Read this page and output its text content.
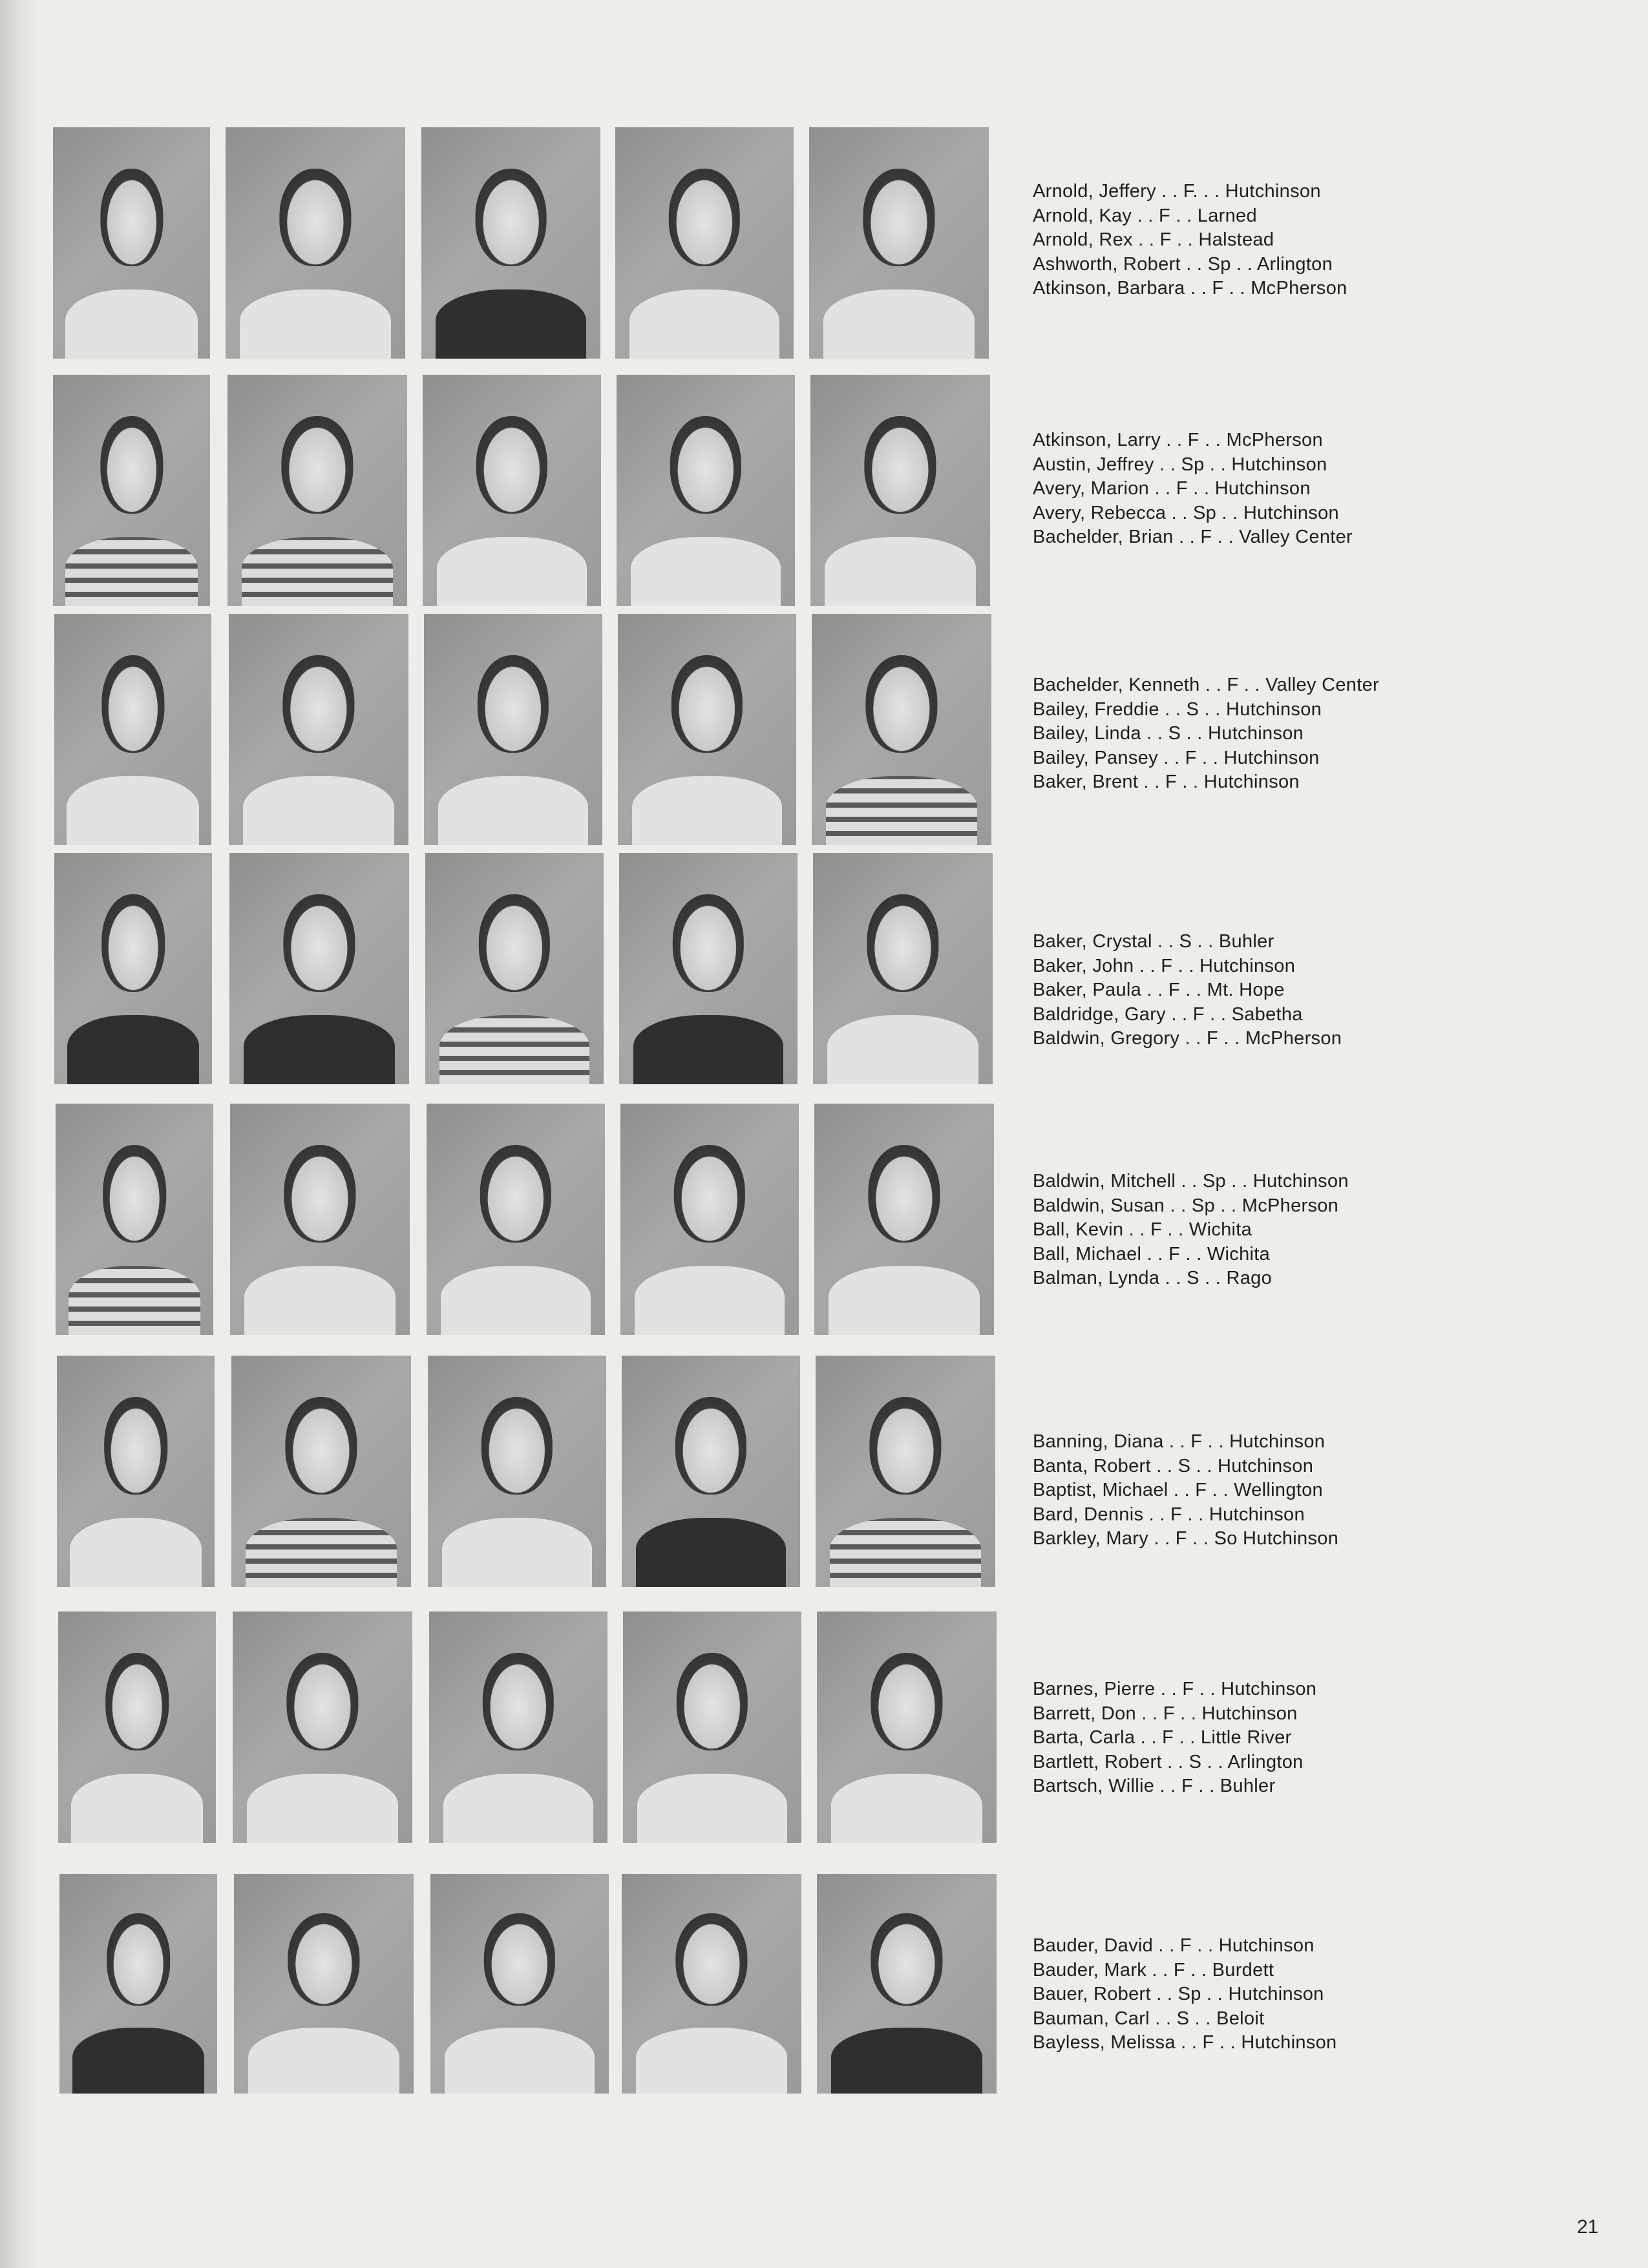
Arnold, Jeffery . . F. . . Hutchinson
Arnold, Kay . . F . . Larned
Arnold, Rex . . F . . Halstead
Ashworth, Robert . . Sp . . Arlington
Atkinson, Barbara . . F . . McPherson
Atkinson, Larry . . F . . McPherson
Austin, Jeffrey . . Sp . . Hutchinson
Avery, Marion . . F . . Hutchinson
Avery, Rebecca . . Sp . . Hutchinson
Bachelder, Brian . . F . . Valley Center
Bachelder, Kenneth . . F . . Valley Center
Bailey, Freddie . . S . . Hutchinson
Bailey, Linda . . S . . Hutchinson
Bailey, Pansey . . F . . Hutchinson
Baker, Brent . . F . . Hutchinson
Baker, Crystal . . S . . Buhler
Baker, John . . F . . Hutchinson
Baker, Paula . . F . . Mt. Hope
Baldridge, Gary . . F . . Sabetha
Baldwin, Gregory . . F . . McPherson
Baldwin, Mitchell . . Sp . . Hutchinson
Baldwin, Susan . . Sp . . McPherson
Ball, Kevin . . F . . Wichita
Ball, Michael . . F . . Wichita
Balman, Lynda . . S . . Rago
Banning, Diana . . F . . Hutchinson
Banta, Robert . . S . . Hutchinson
Baptist, Michael . . F . . Wellington
Bard, Dennis . . F . . Hutchinson
Barkley, Mary . . F . . So Hutchinson
Barnes, Pierre . . F . . Hutchinson
Barrett, Don . . F . . Hutchinson
Barta, Carla . . F . . Little River
Bartlett, Robert . . S . . Arlington
Bartsch, Willie . . F . . Buhler
Bauder, David . . F . . Hutchinson
Bauder, Mark . . F . . Burdett
Bauer, Robert . . Sp . . Hutchinson
Bauman, Carl . . S . . Beloit
Bayless, Melissa . . F . . Hutchinson
21
